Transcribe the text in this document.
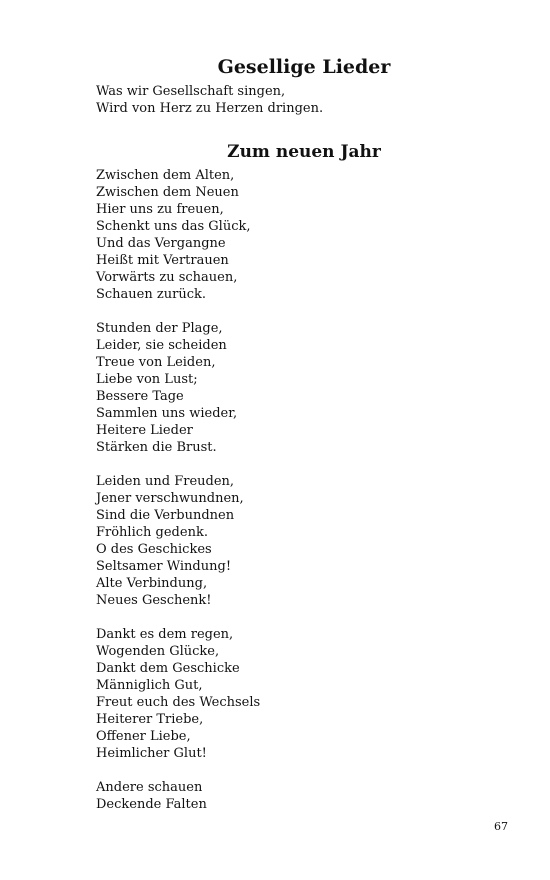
Gesellige Lieder
Was wir Gesellschaft singen,
Wird von Herz zu Herzen dringen.
Zum neuen Jahr
Zwischen dem Alten,
Zwischen dem Neuen
Hier uns zu freuen,
Schenkt uns das Glück,
Und das Vergangne
Heißt mit Vertrauen
Vorwärts zu schauen,
Schauen zurück.
Stunden der Plage,
Leider, sie scheiden
Treue von Leiden,
Liebe von Lust;
Bessere Tage
Sammlen uns wieder,
Heitere Lieder
Stärken die Brust.
Leiden und Freuden,
Jener verschwundnen,
Sind die Verbundnen
Fröhlich gedenk.
O des Geschickes
Seltsamer Windung!
Alte Verbindung,
Neues Geschenk!
Dankt es dem regen,
Wogenden Glücke,
Dankt dem Geschicke
Männiglich Gut,
Freut euch des Wechsels
Heiterer Triebe,
Offener Liebe,
Heimlicher Glut!
Andere schauen
Deckende Falten
67
